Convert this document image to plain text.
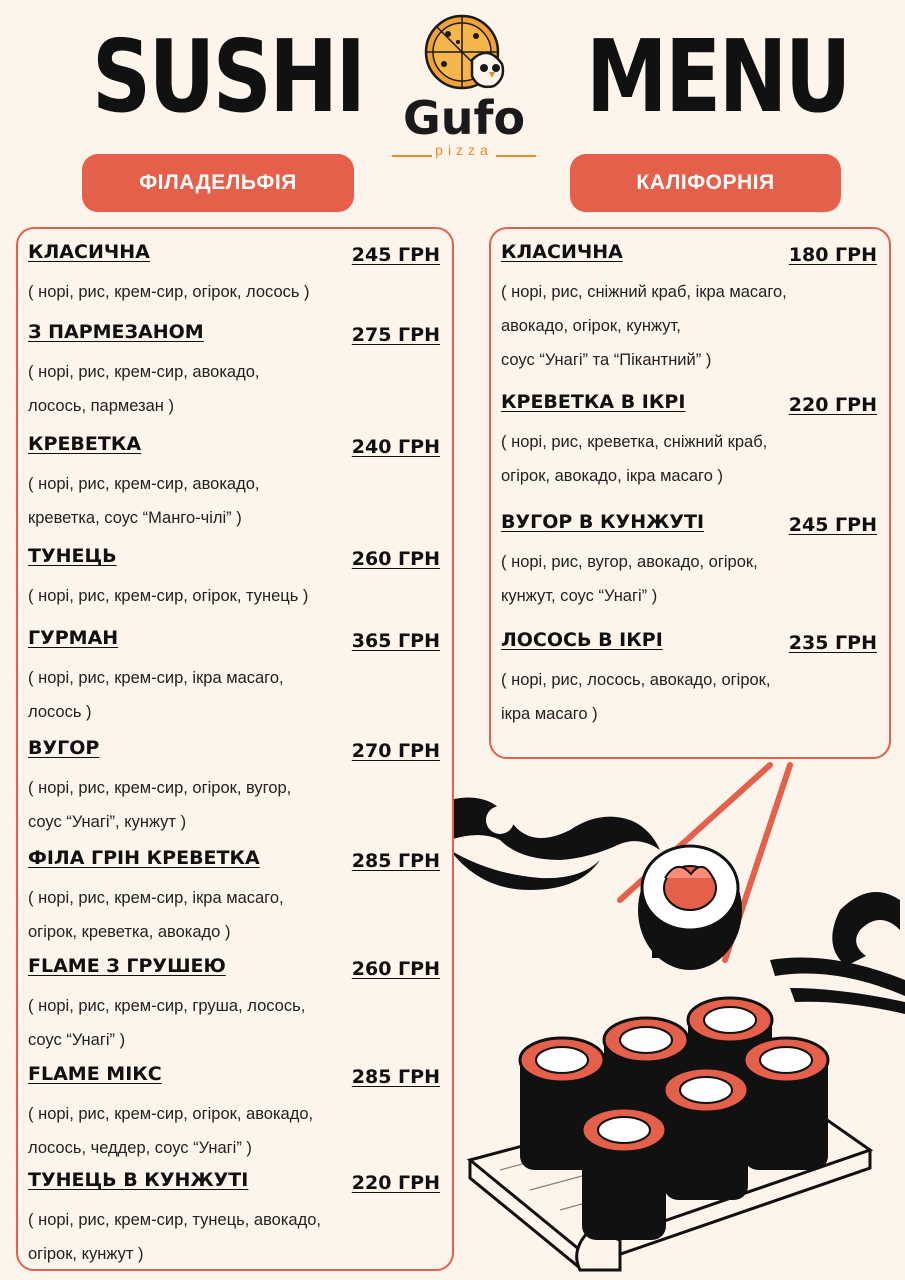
SUSHI MENU
Gufo
pizza
ФІЛАДЕЛЬФІЯ	КАЛІФОРНІЯ
КЛАСИЧНА	245 ГРН
( норі, рис, крем-сир, огірок, лосось )
З ПАРМЕЗАНОМ	275 ГРН
( норі, рис, крем-сир, авокадо,
лосось, пармезан )
КРЕВЕТКА	240 ГРН
( норі, рис, крем-сир, авокадо,
креветка, соус “Манго-чілі” )
ТУНЕЦЬ	260 ГРН
( норі, рис, крем-сир, огірок, тунець )
ГУРМАН	365 ГРН
( норі, рис, крем-сир, ікра масаго,
лосось )
ВУГОР	270 ГРН
( норі, рис, крем-сир, огірок, вугор,
соус “Унагі”, кунжут )
ФІЛА ГРІН КРЕВЕТКА	285 ГРН
( норі, рис, крем-сир, ікра масаго,
огірок, креветка, авокадо )
FLAME З ГРУШЕЮ	260 ГРН
( норі, рис, крем-сир, груша, лосось,
соус “Унагі” )
FLAME МІКС	285 ГРН
( норі, рис, крем-сир, огірок, авокадо,
лосось, чеддер, соус “Унагі” )
ТУНЕЦЬ В КУНЖУТІ	220 ГРН
( норі, рис, крем-сир, тунець, авокадо,
огірок, кунжут )
КЛАСИЧНА	180 ГРН
( норі, рис, сніжний краб, ікра масаго,
авокадо, огірок, кунжут,
соус “Унагі” та “Пікантний” )
КРЕВЕТКА В ІКРІ	220 ГРН
( норі, рис, креветка, сніжний краб,
огірок, авокадо, ікра масаго )
ВУГОР В КУНЖУТІ	245 ГРН
( норі, рис, вугор, авокадо, огірок,
кунжут, соус “Унагі” )
ЛОСОСЬ В ІКРІ	235 ГРН
( норі, рис, лосось, авокадо, огірок,
ікра масаго )
